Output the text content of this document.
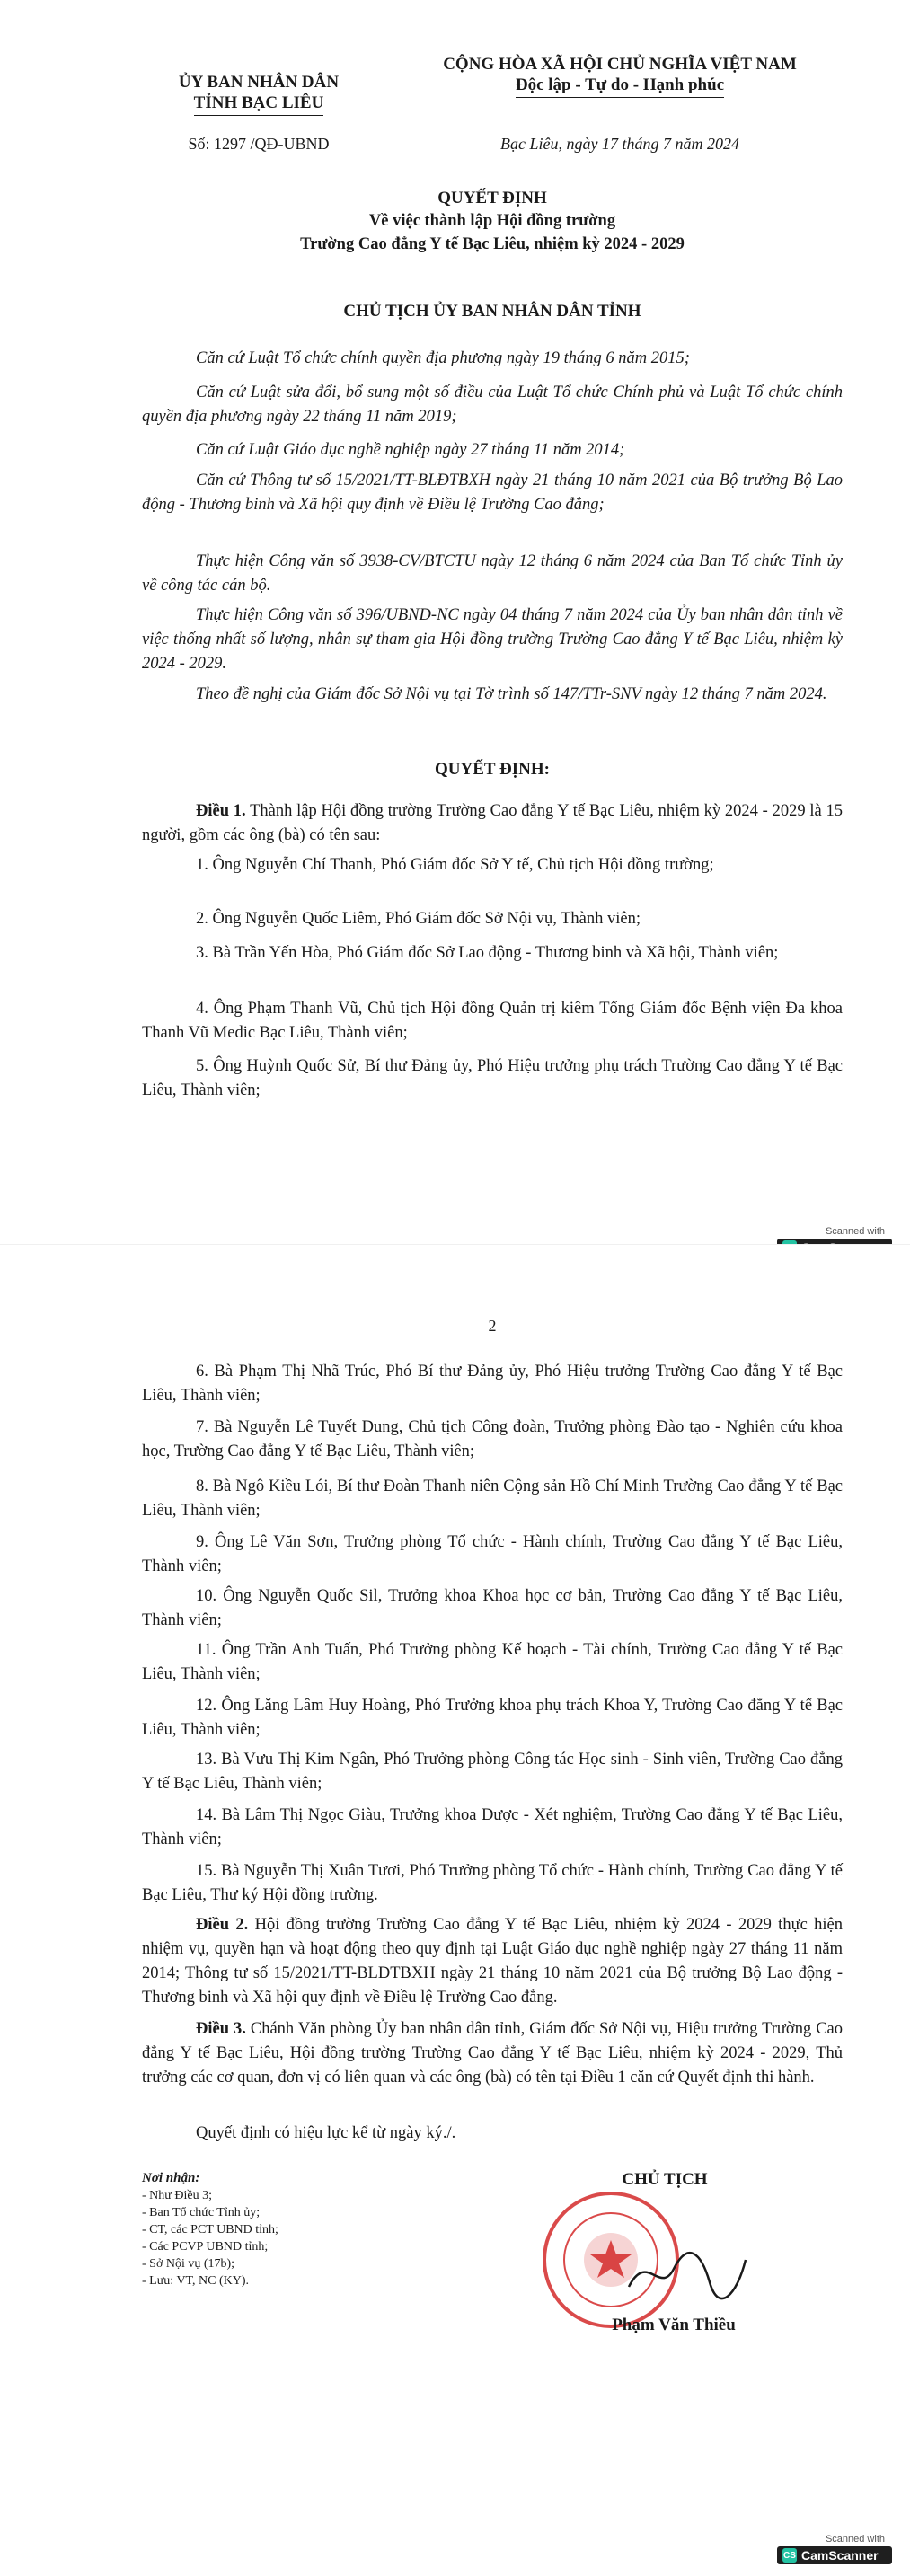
ỦY BAN NHÂN DÂN
TỈNH BẠC LIÊU
Số: 1297 /QĐ-UBND
CỘNG HÒA XÃ HỘI CHỦ NGHĨA VIỆT NAM
Độc lập - Tự do - Hạnh phúc
Bạc Liêu, ngày 17 tháng 7 năm 2024
QUYẾT ĐỊNH
Về việc thành lập Hội đồng trường
Trường Cao đẳng Y tế Bạc Liêu, nhiệm kỳ 2024 - 2029
CHỦ TỊCH ỦY BAN NHÂN DÂN TỈNH
Căn cứ Luật Tổ chức chính quyền địa phương ngày 19 tháng 6 năm 2015;
Căn cứ Luật sửa đổi, bổ sung một số điều của Luật Tổ chức Chính phủ và Luật Tổ chức chính quyền địa phương ngày 22 tháng 11 năm 2019;
Căn cứ Luật Giáo dục nghề nghiệp ngày 27 tháng 11 năm 2014;
Căn cứ Thông tư số 15/2021/TT-BLĐTBXH ngày 21 tháng 10 năm 2021 của Bộ trưởng Bộ Lao động - Thương binh và Xã hội quy định về Điều lệ Trường Cao đẳng;
Thực hiện Công văn số 3938-CV/BTCTU ngày 12 tháng 6 năm 2024 của Ban Tổ chức Tỉnh ủy về công tác cán bộ.
Thực hiện Công văn số 396/UBND-NC ngày 04 tháng 7 năm 2024 của Ủy ban nhân dân tỉnh về việc thống nhất số lượng, nhân sự tham gia Hội đồng trường Trường Cao đẳng Y tế Bạc Liêu, nhiệm kỳ 2024 - 2029.
Theo đề nghị của Giám đốc Sở Nội vụ tại Tờ trình số 147/TTr-SNV ngày 12 tháng 7 năm 2024.
QUYẾT ĐỊNH:
Điều 1. Thành lập Hội đồng trường Trường Cao đẳng Y tế Bạc Liêu, nhiệm kỳ 2024 - 2029 là 15 người, gồm các ông (bà) có tên sau:
1. Ông Nguyễn Chí Thanh, Phó Giám đốc Sở Y tế, Chủ tịch Hội đồng trường;
2. Ông Nguyễn Quốc Liêm, Phó Giám đốc Sở Nội vụ, Thành viên;
3. Bà Trần Yến Hòa, Phó Giám đốc Sở Lao động - Thương binh và Xã hội, Thành viên;
4. Ông Phạm Thanh Vũ, Chủ tịch Hội đồng Quản trị kiêm Tổng Giám đốc Bệnh viện Đa khoa Thanh Vũ Medic Bạc Liêu, Thành viên;
5. Ông Huỳnh Quốc Sử, Bí thư Đảng ủy, Phó Hiệu trưởng phụ trách Trường Cao đẳng Y tế Bạc Liêu, Thành viên;
Scanned with
2
6. Bà Phạm Thị Nhã Trúc, Phó Bí thư Đảng ủy, Phó Hiệu trưởng Trường Cao đẳng Y tế Bạc Liêu, Thành viên;
7. Bà Nguyễn Lê Tuyết Dung, Chủ tịch Công đoàn, Trưởng phòng Đào tạo - Nghiên cứu khoa học, Trường Cao đẳng Y tế Bạc Liêu, Thành viên;
8. Bà Ngô Kiều Lói, Bí thư Đoàn Thanh niên Cộng sản Hồ Chí Minh Trường Cao đẳng Y tế Bạc Liêu, Thành viên;
9. Ông Lê Văn Sơn, Trưởng phòng Tổ chức - Hành chính, Trường Cao đẳng Y tế Bạc Liêu, Thành viên;
10. Ông Nguyễn Quốc Sil, Trưởng khoa Khoa học cơ bản, Trường Cao đẳng Y tế Bạc Liêu, Thành viên;
11. Ông Trần Anh Tuấn, Phó Trưởng phòng Kế hoạch - Tài chính, Trường Cao đẳng Y tế Bạc Liêu, Thành viên;
12. Ông Lăng Lâm Huy Hoàng, Phó Trưởng khoa phụ trách Khoa Y, Trường Cao đẳng Y tế Bạc Liêu, Thành viên;
13. Bà Vưu Thị Kim Ngân, Phó Trưởng phòng Công tác Học sinh - Sinh viên, Trường Cao đẳng Y tế Bạc Liêu, Thành viên;
14. Bà Lâm Thị Ngọc Giàu, Trưởng khoa Dược - Xét nghiệm, Trường Cao đẳng Y tế Bạc Liêu, Thành viên;
15. Bà Nguyễn Thị Xuân Tươi, Phó Trưởng phòng Tổ chức - Hành chính, Trường Cao đẳng Y tế Bạc Liêu, Thư ký Hội đồng trường.
Điều 2. Hội đồng trường Trường Cao đẳng Y tế Bạc Liêu, nhiệm kỳ 2024 - 2029 thực hiện nhiệm vụ, quyền hạn và hoạt động theo quy định tại Luật Giáo dục nghề nghiệp ngày 27 tháng 11 năm 2014; Thông tư số 15/2021/TT-BLĐTBXH ngày 21 tháng 10 năm 2021 của Bộ trưởng Bộ Lao động - Thương binh và Xã hội quy định về Điều lệ Trường Cao đẳng.
Điều 3. Chánh Văn phòng Ủy ban nhân dân tỉnh, Giám đốc Sở Nội vụ, Hiệu trưởng Trường Cao đẳng Y tế Bạc Liêu, Hội đồng trường Trường Cao đẳng Y tế Bạc Liêu, nhiệm kỳ 2024 - 2029, Thủ trưởng các cơ quan, đơn vị có liên quan và các ông (bà) có tên tại Điều 1 căn cứ Quyết định thi hành.
Quyết định có hiệu lực kể từ ngày ký./.
Nơi nhận:
- Như Điều 3;
- Ban Tổ chức Tỉnh ủy;
- CT, các PCT UBND tỉnh;
- Các PCVP UBND tỉnh;
- Sở Nội vụ (17b);
- Lưu: VT, NC (KY).
CHỦ TỊCH
Phạm Văn Thiều
Scanned with
CS CamScanner
